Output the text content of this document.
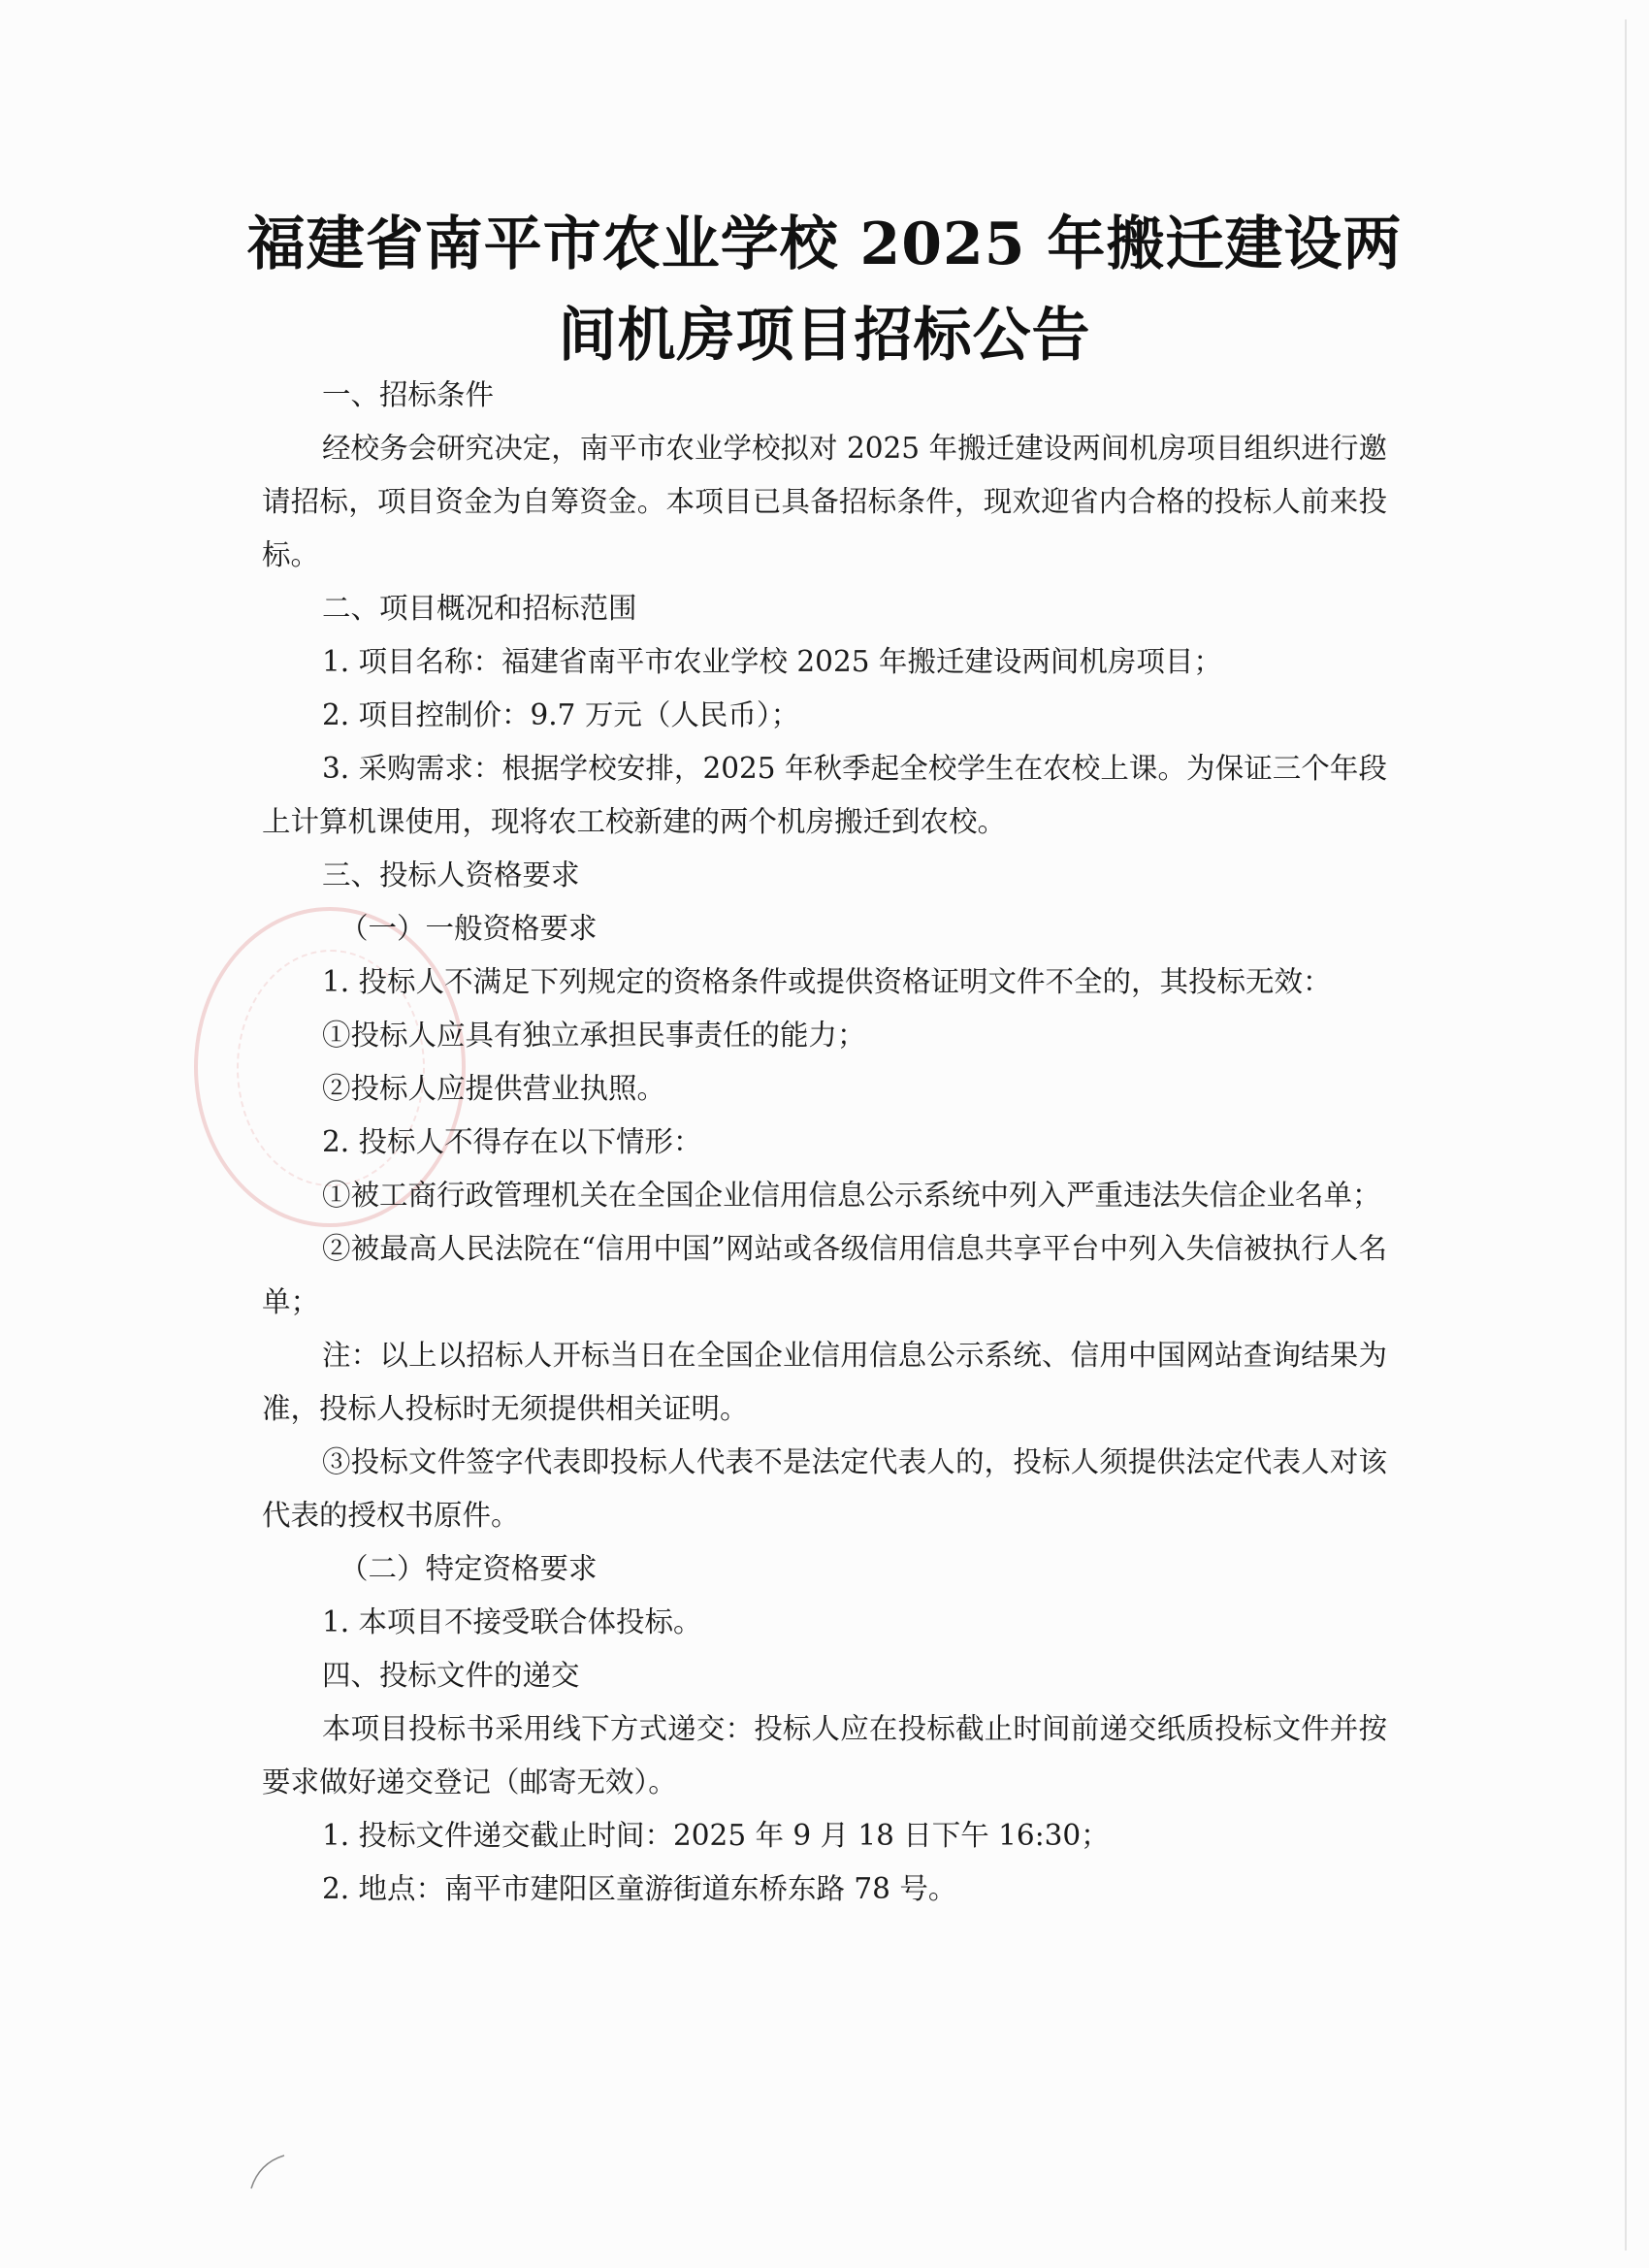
福建省南平市农业学校 2025 年搬迁建设两
间机房项目招标公告

一、招标条件

经校务会研究决定，南平市农业学校拟对 2025 年搬迁建设两间机房项目组织进行邀请招标，项目资金为自筹资金。本项目已具备招标条件，现欢迎省内合格的投标人前来投标。

二、项目概况和招标范围

1. 项目名称：福建省南平市农业学校 2025 年搬迁建设两间机房项目；

2. 项目控制价：9.7 万元（人民币）；

3. 采购需求：根据学校安排，2025 年秋季起全校学生在农校上课。为保证三个年段上计算机课使用，现将农工校新建的两个机房搬迁到农校。

三、投标人资格要求

（一）一般资格要求

1. 投标人不满足下列规定的资格条件或提供资格证明文件不全的，其投标无效：

①投标人应具有独立承担民事责任的能力；

②投标人应提供营业执照。

2. 投标人不得存在以下情形：

①被工商行政管理机关在全国企业信用信息公示系统中列入严重违法失信企业名单；

②被最高人民法院在“信用中国”网站或各级信用信息共享平台中列入失信被执行人名单；

注：以上以招标人开标当日在全国企业信用信息公示系统、信用中国网站查询结果为准，投标人投标时无须提供相关证明。

③投标文件签字代表即投标人代表不是法定代表人的，投标人须提供法定代表人对该代表的授权书原件。

（二）特定资格要求

1. 本项目不接受联合体投标。

四、投标文件的递交

本项目投标书采用线下方式递交：投标人应在投标截止时间前递交纸质投标文件并按要求做好递交登记（邮寄无效）。

1. 投标文件递交截止时间：2025 年 9 月 18 日下午 16:30；

2. 地点：南平市建阳区童游街道东桥东路 78 号。
